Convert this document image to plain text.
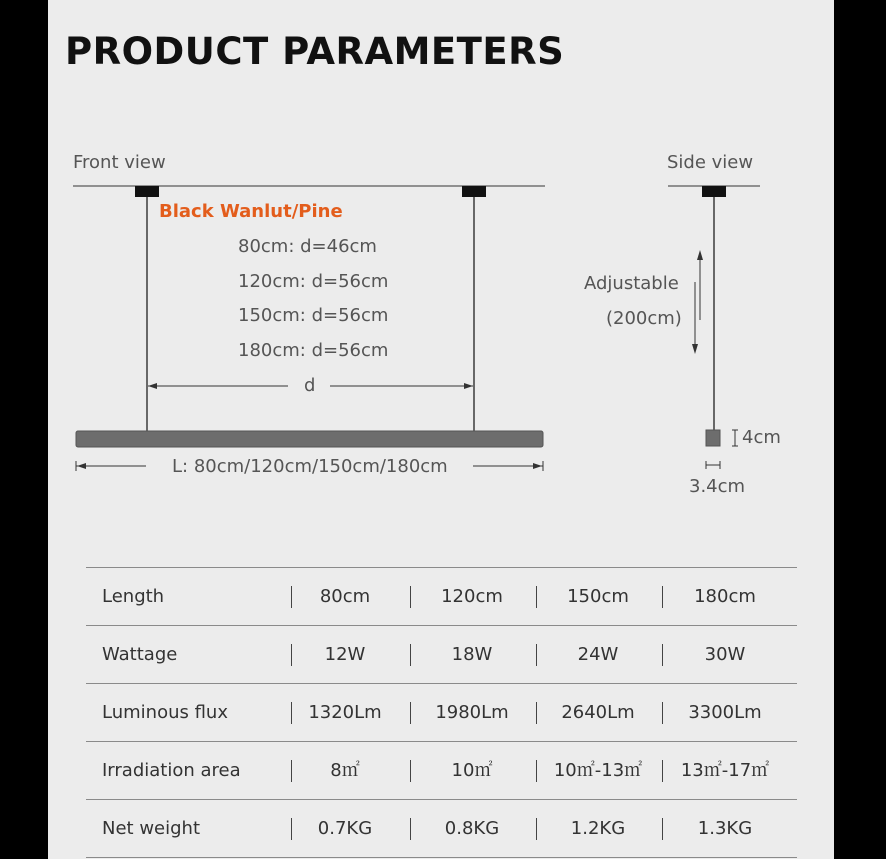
PRODUCT PARAMETERS
Front view
Black Wanlut/Pine
80cm: d=46cm
120cm: d=56cm
150cm: d=56cm
180cm: d=56cm
d
L: 80cm/120cm/150cm/180cm
Side view
Adjustable
(200cm)
4cm
3.4cm
Length	80cm	120cm	150cm	180cm
Wattage	12W	18W	24W	30W
Luminous flux	1320Lm	1980Lm	2640Lm	3300Lm
Irradiation area	8㎡	10㎡	10㎡-13㎡	13㎡-17㎡
Net weight	0.7KG	0.8KG	1.2KG	1.3KG
